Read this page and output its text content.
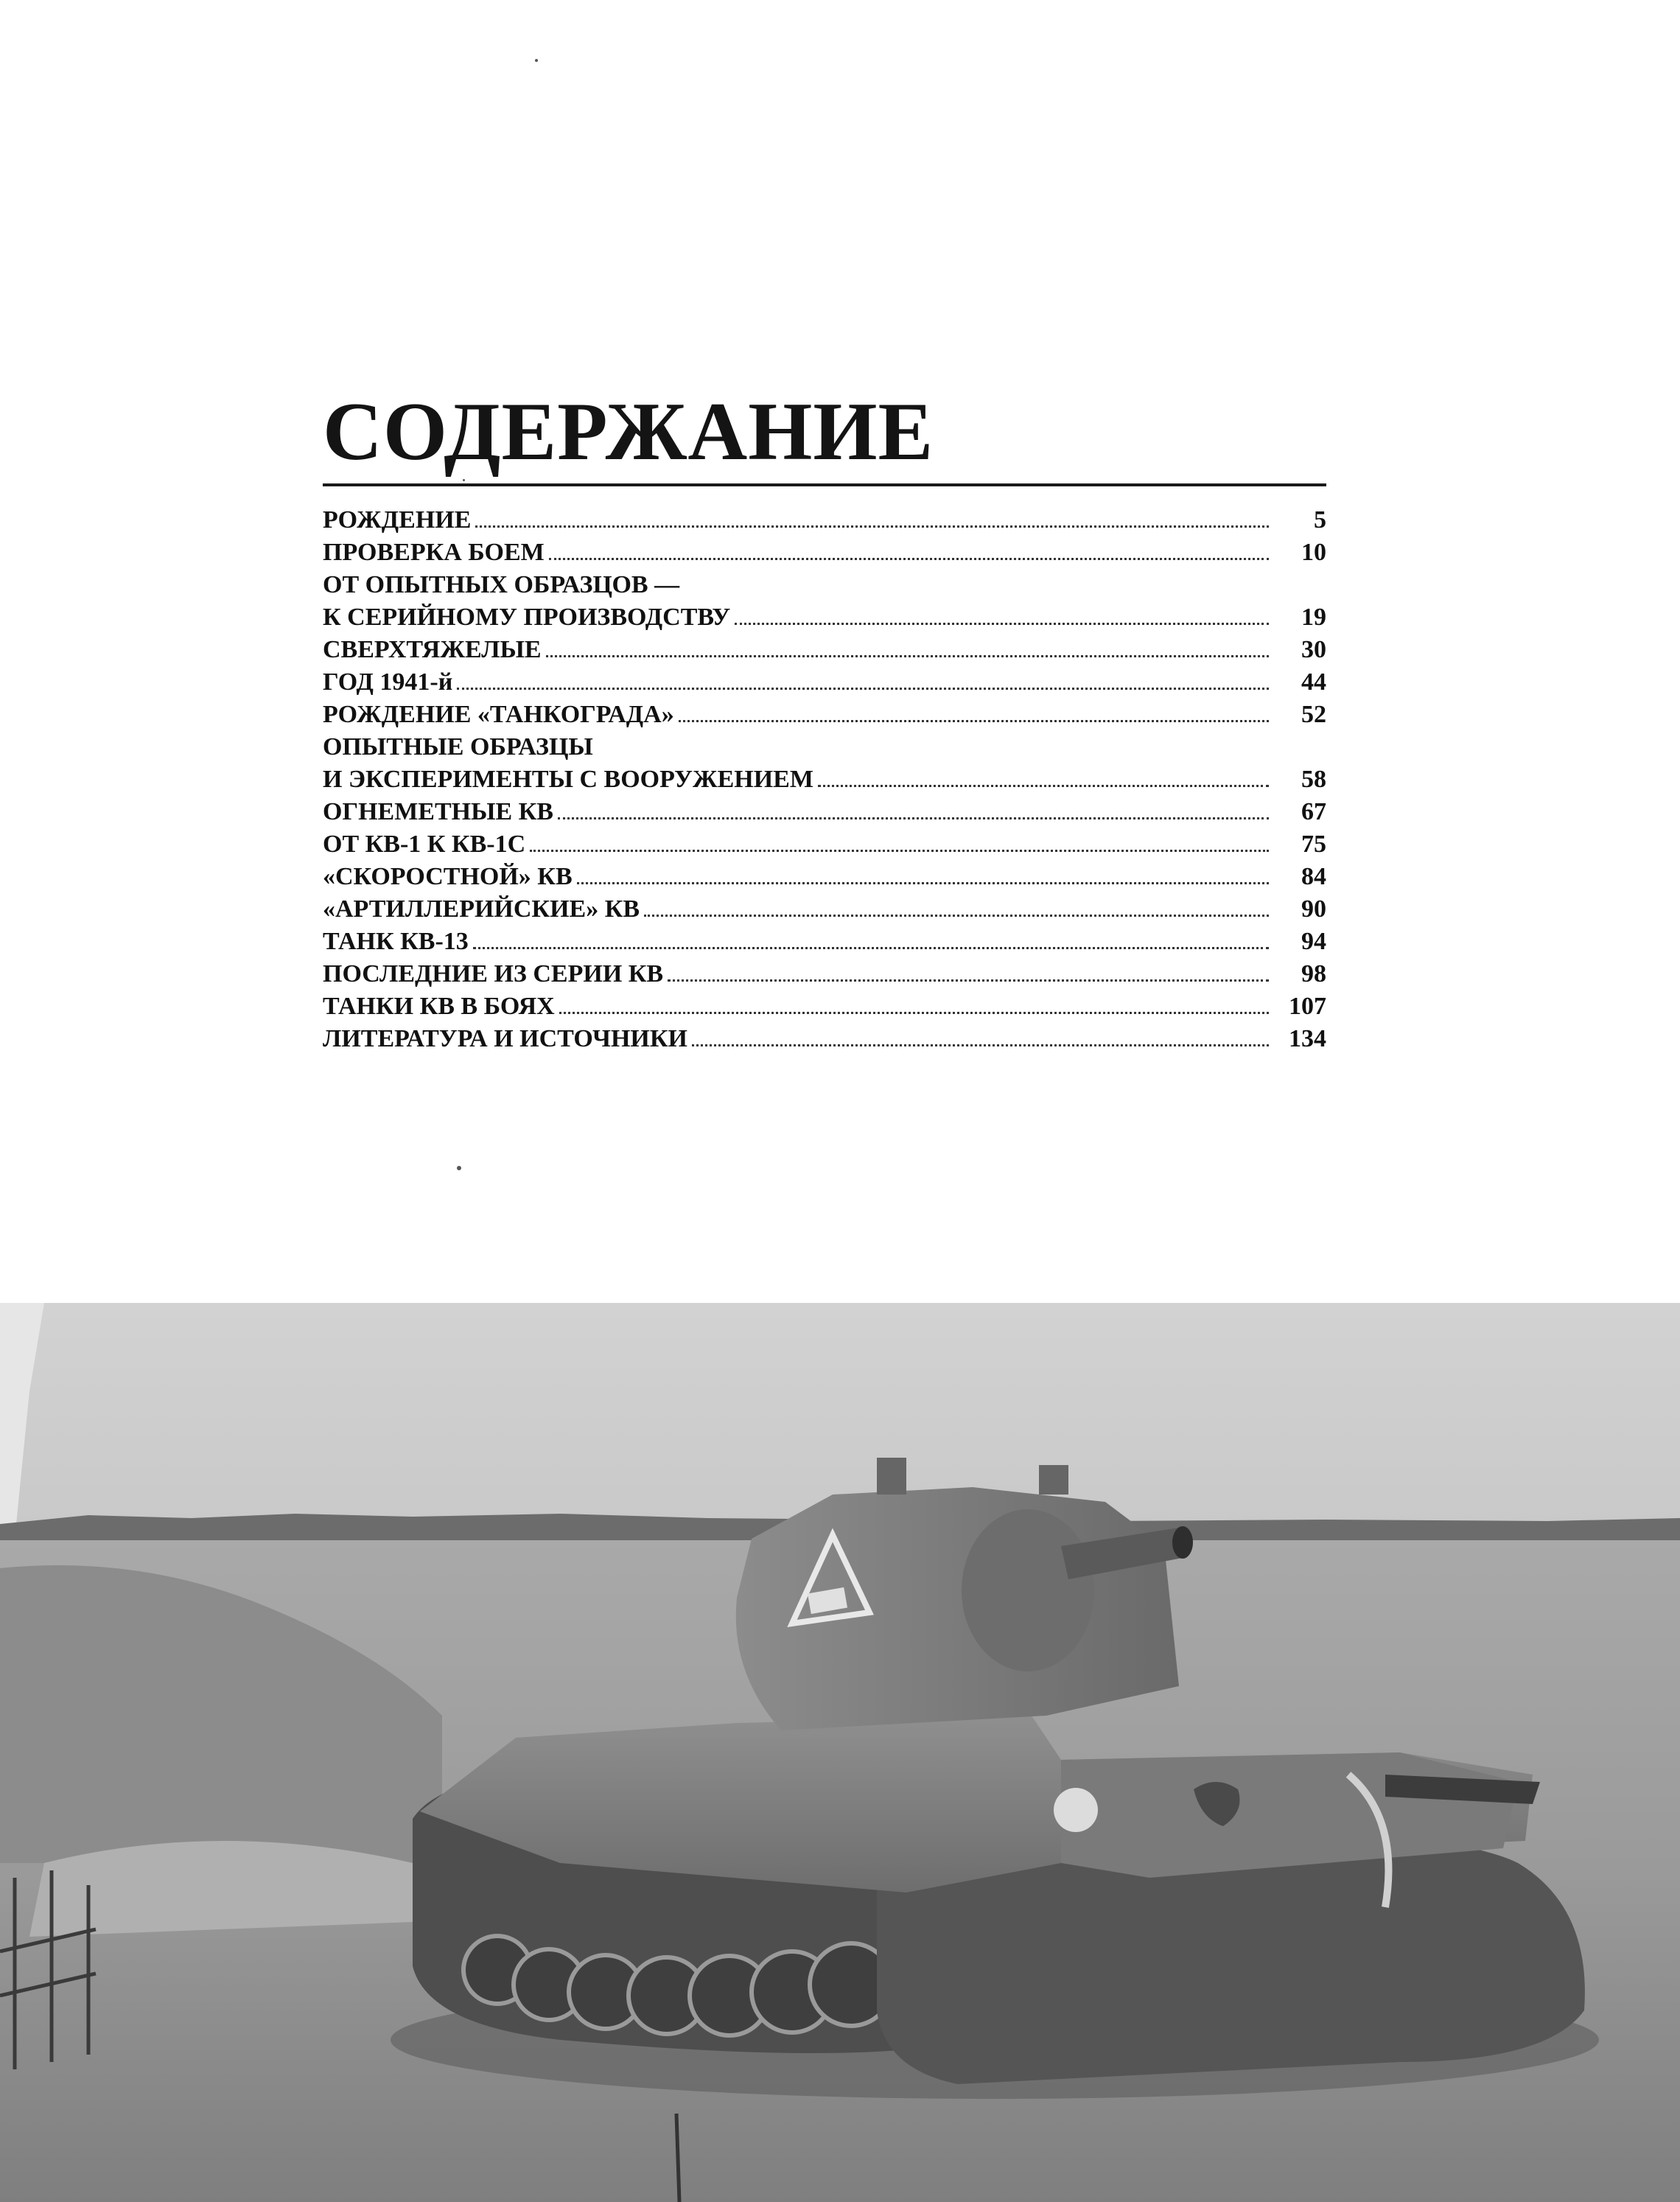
СОДЕРЖАНИЕ
РОЖДЕНИЕ	5
ПРОВЕРКА БОЕМ	10
ОТ ОПЫТНЫХ ОБРАЗЦОВ —
К СЕРИЙНОМУ ПРОИЗВОДСТВУ	19
СВЕРХТЯЖЕЛЫЕ	30
ГОД 1941-й	44
РОЖДЕНИЕ «ТАНКОГРАДА»	52
ОПЫТНЫЕ ОБРАЗЦЫ
И ЭКСПЕРИМЕНТЫ С ВООРУЖЕНИЕМ	58
ОГНЕМЕТНЫЕ КВ	67
ОТ КВ-1 К КВ-1С	75
«СКОРОСТНОЙ» КВ	84
«АРТИЛЛЕРИЙСКИЕ» КВ	90
ТАНК КВ-13	94
ПОСЛЕДНИЕ ИЗ СЕРИИ КВ	98
ТАНКИ КВ В БОЯХ	107
ЛИТЕРАТУРА И ИСТОЧНИКИ	134
